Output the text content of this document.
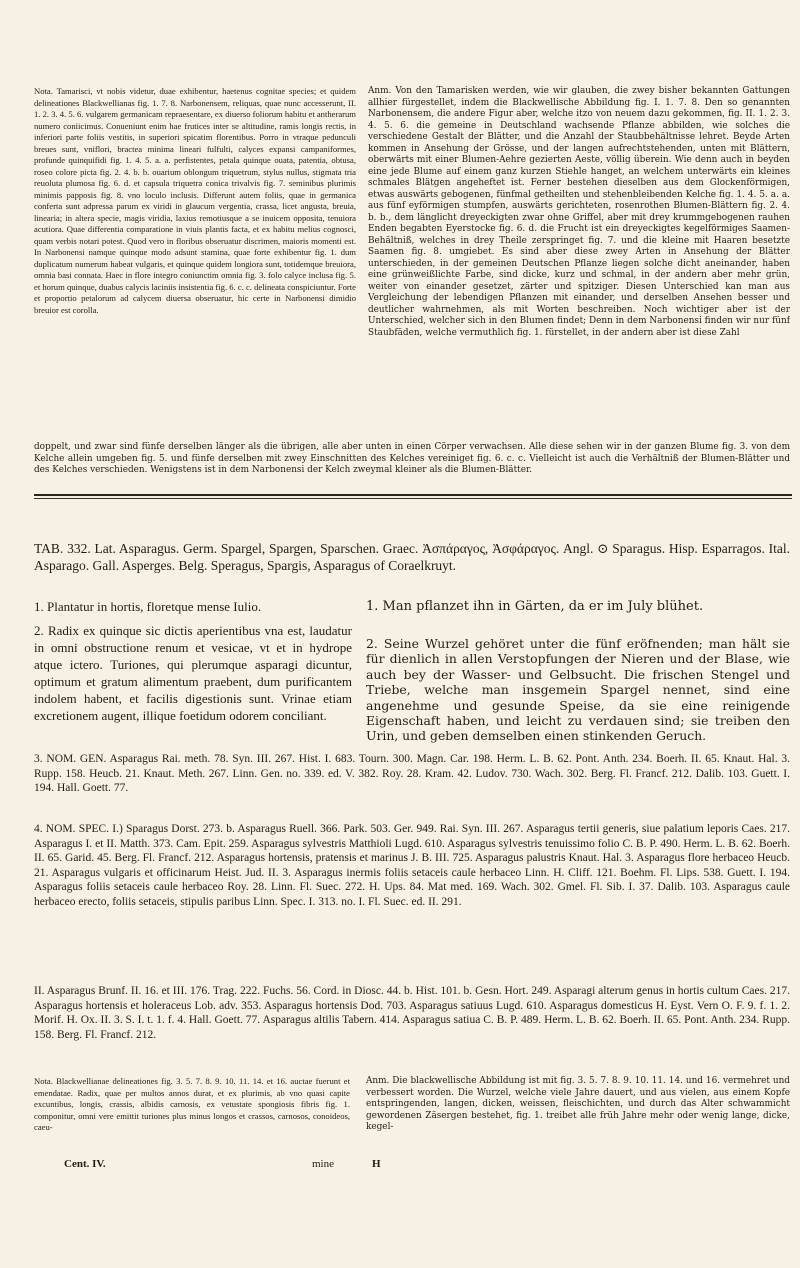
Nota. Tamarisci, vt nobis videtur, duae exhibentur, haetenus cognitae species; et quidem delineationes Blackwellianas fig. 1. 7. 8. Narbonensem, reliquas, quae nunc accesserunt, II. 1. 2. 3. 4. 5. 6. vulgarem germanicam repraesentare, ex diuerso foliorum habitu et antherarum numero coniicimus. Conueniunt enim hae frutices inter se altitudine, ramis longis rectis, in inferiori parte foliis vestitis, in superiori spicatim florentibus. Porro in vtraque pedunculi breues sunt, vniflori, bractea minima lineari fulfulti, calyces expansi campaniformes, profunde quinquifidi fig. 1. 4. 5. a. a. perfistentes, petala quinque ouata, patentia, obtusa, roseo colore picta fig. 2. 4. b. b. ouarium oblongum triquetrum, stylus nullus, stigmata tria reuoluta plumosa fig. 6. d. et capsula triquetra conica trivalvis fig. 7. seminibus plurimis minimis papposis fig. 8. vno loculo inclusis. Differunt autem foliis, quae in germanica conferta sunt adpressa parum ex viridi in glaucum vergentia, crassa, licet angusta, breuia, linearia; in altera specie, magis viridia, laxius remotiusque a se inuicem opposita, tenuiora acutiora. Quae differentia comparatione in viuis plantis facta, et ex habitu melius cognosci, quam verbis notari potest. Quod vero in floribus obseruatur discrimen, maioris momenti est. In Narbonensi namque quinque modo adsunt stamina, quae forte exhibentur fig. 1. dum duplicatum numerum habeat vulgaris, et quinque quidem longiora sunt, totidemque breuiora, omnia basi connata. Haec in flore integro coniunctim omnia fig. 3. folo calyce inclusa fig. 5. et horum quinque, duabus calycis laciniis insistentia fig. 6. c. c. delineata conspiciuntur. Forte et proportio petalorum ad calycem diuersa obseruatur, hic certe in Narbonensi dimidio breuior est corolla.

Anm. Von den Tamarisken werden, wie wir glauben, die zwey bisher bekannten Gattungen allhier fürgestellet, indem die Blackwellische Abbildung fig. I. 1. 7. 8. Den so genannten Narbonensem, die andere Figur aber, welche itzo von neuem dazu gekommen, fig. II. 1. 2. 3. 4. 5. 6. die gemeine in Deutschland wachsende Pflanze abbilden, wie solches die verschiedene Gestalt der Blätter, und die Anzahl der Staubbehältnisse lehret. Beyde Arten kommen in Ansehung der Grösse, und der langen aufrechtstehenden, unten mit Blättern, oberwärts mit einer Blumen-Aehre gezierten Aeste, völlig überein. Wie denn auch in beyden eine jede Blume auf einem ganz kurzen Stiehle hanget, an welchem unterwärts ein kleines schmales Blätgen angeheftet ist. Ferner bestehen dieselben aus dem Glockenförmigen, etwas auswärts gebogenen, fünfmal getheilten und stehenbleibenden Kelche fig. 1. 4. 5. a. a. aus fünf eyförmigen stumpfen, auswärts gerichteten, rosenrothen Blumen-Blättern fig. 2. 4. b. b., dem länglicht dreyeckigten zwar ohne Griffel, aber mit drey krummgebogenen rauhen Enden begabten Eyerstocke fig. 6. d. die Frucht ist ein dreyeckigtes kegelförmiges Saamen-Behältniß, welches in drey Theile zerspringet fig. 7. und die kleine mit Haaren besetzte Saamen fig. 8. umgiebet. Es sind aber diese zwey Arten in Ansehung der Blätter unterschieden, in der gemeinen Deutschen Pflanze liegen solche dicht aneinander, haben eine grünweißlichte Farbe, sind dicke, kurz und schmal, in der andern aber mehr grün, weiter von einander gesetzet, zärter und spitziger. Diesen Unterschied kan man aus Vergleichung der lebendigen Pflanzen mit einander, und derselben Ansehen besser und deutlicher wahrnehmen, als mit Worten beschreiben. Noch wichtiger aber ist der Unterschied, welcher sich in den Blumen findet; Denn in dem Narbonensi finden wir nur fünf Staubfäden, welche vermuthlich fig. 1. fürstellet, in der andern aber ist diese Zahl

doppelt, und zwar sind fünfe derselben länger als die übrigen, alle aber unten in einen Cörper verwachsen. Alle diese sehen wir in der ganzen Blume fig. 3. von dem Kelche allein umgeben fig. 5. und fünfe derselben mit zwey Einschnitten des Kelches vereiniget fig. 6. c. c. Vielleicht ist auch die Verhältniß der Blumen-Blätter und des Kelches verschieden. Wenigstens ist in dem Narbonensi der Kelch zweymal kleiner als die Blumen-Blätter.

TAB. 332. Lat. Asparagus. Germ. Spargel, Spargen, Sparschen. Graec. Ἀσπάραγος, Ἀσφάραγος. Angl. ⊙ Sparagus. Hisp. Esparragos. Ital. Asparago. Gall. Asperges. Belg. Speragus, Spargis, Asparagus of Coraelkruyt.

1. Plantatur in hortis, floretque mense Iulio.	1. Man pflanzet ihn in Gärten, da er im July blühet.

2. Radix ex quinque sic dictis aperientibus vna est, laudatur in omni obstructione renum et vesicae, vt et in hydrope atque ictero. Turiones, qui plerumque asparagi dicuntur, optimum et gratum alimentum praebent, dum purificantem indolem habent, et facilis digestionis sunt. Vrinae etiam excretionem augent, illique foetidum odorem conciliant.

2. Seine Wurzel gehöret unter die fünf eröfnenden; man hält sie für dienlich in allen Verstopfungen der Nieren und der Blase, wie auch bey der Wasser- und Gelbsucht. Die frischen Stengel und Triebe, welche man insgemein Spargel nennet, sind eine angenehme und gesunde Speise, da sie eine reinigende Eigenschaft haben, und leicht zu verdauen sind; sie treiben den Urin, und geben demselben einen stinkenden Geruch.

3. NOM. GEN. Asparagus Rai. meth. 78. Syn. III. 267. Hist. I. 683. Tourn. 300. Magn. Car. 198. Herm. L. B. 62. Pont. Anth. 234. Boerh. II. 65. Knaut. Hal. 3. Rupp. 158. Heucb. 21. Knaut. Meth. 267. Linn. Gen. no. 339. ed. V. 382. Roy. 28. Kram. 42. Ludov. 730. Wach. 302. Berg. Fl. Francf. 212. Dalib. 103. Guett. I. 194. Hall. Goett. 77.

4. NOM. SPEC. I.) Sparagus Dorst. 273. b. Asparagus Ruell. 366. Park. 503. Ger. 949. Rai. Syn. III. 267. Asparagus tertii generis, siue palatium leporis Caes. 217. Asparagus I. et II. Matth. 373. Cam. Epit. 259. Asparagus sylvestris Matthioli Lugd. 610. Asparagus sylvestris tenuissimo folio C. B. P. 490. Herm. L. B. 62. Boerh. II. 65. Garid. 45. Berg. Fl. Francf. 212. Asparagus hortensis, pratensis et marinus J. B. III. 725. Asparagus palustris Knaut. Hal. 3. Asparagus flore herbaceo Heucb. 21. Asparagus vulgaris et officinarum Heist. Jud. II. 3. Asparagus inermis foliis setaceis caule herbaceo Linn. H. Cliff. 121. Boehm. Fl. Lips. 538. Guett. I. 194. Asparagus foliis setaceis caule herbaceo Roy. 28. Linn. Fl. Suec. 272. H. Ups. 84. Mat med. 169. Wach. 302. Gmel. Fl. Sib. I. 37. Dalib. 103. Asparagus caule herbaceo erecto, foliis setaceis, stipulis paribus Linn. Spec. I. 313. no. I. Fl. Suec. ed. II. 291.

II. Asparagus Brunf. II. 16. et III. 176. Trag. 222. Fuchs. 56. Cord. in Diosc. 44. b. Hist. 101. b. Gesn. Hort. 249. Asparagi alterum genus in hortis cultum Caes. 217. Asparagus hortensis et holeraceus Lob. adv. 353. Asparagus hortensis Dod. 703. Asparagus satiuus Lugd. 610. Asparagus domesticus H. Eyst. Vern O. F. 9. f. 1. 2. Morif. H. Ox. II. 3. S. I. t. 1. f. 4. Hall. Goett. 77. Asparagus altilis Tabern. 414. Asparagus satiua C. B. P. 489. Herm. L. B. 62. Boerh. II. 65. Pont. Anth. 234. Rupp. 158. Berg. Fl. Francf. 212.

Nota. Blackwellianae delineationes fig. 3. 5. 7. 8. 9. 10. 11. 14. et 16. auctae fuerunt et emendatae. Radix, quae per multos annos durat, et ex plurimis, ab vno quasi capite excuntibus, longis, crassis, albidis carnosis, ex vetustate spongiosis fibris fig. 1. componitur, omni vere emittit turiones plus minus longos et crassos, carnosos, conoideos, caeu-

Anm. Die blackwellische Abbildung ist mit fig. 3. 5. 7. 8. 9. 10. 11. 14. und 16. vermehret und verbessert worden. Die Wurzel, welche viele Jahre dauert, und aus vielen, aus einem Kopfe entspringenden, langen, dicken, weissen, fleischichten, und durch das Alter schwammicht gewordenen Zäsergen bestehet, fig. 1. treibet alle früh Jahre mehr oder wenig lange, dicke, kegel-

Cent. IV.	mine	H
